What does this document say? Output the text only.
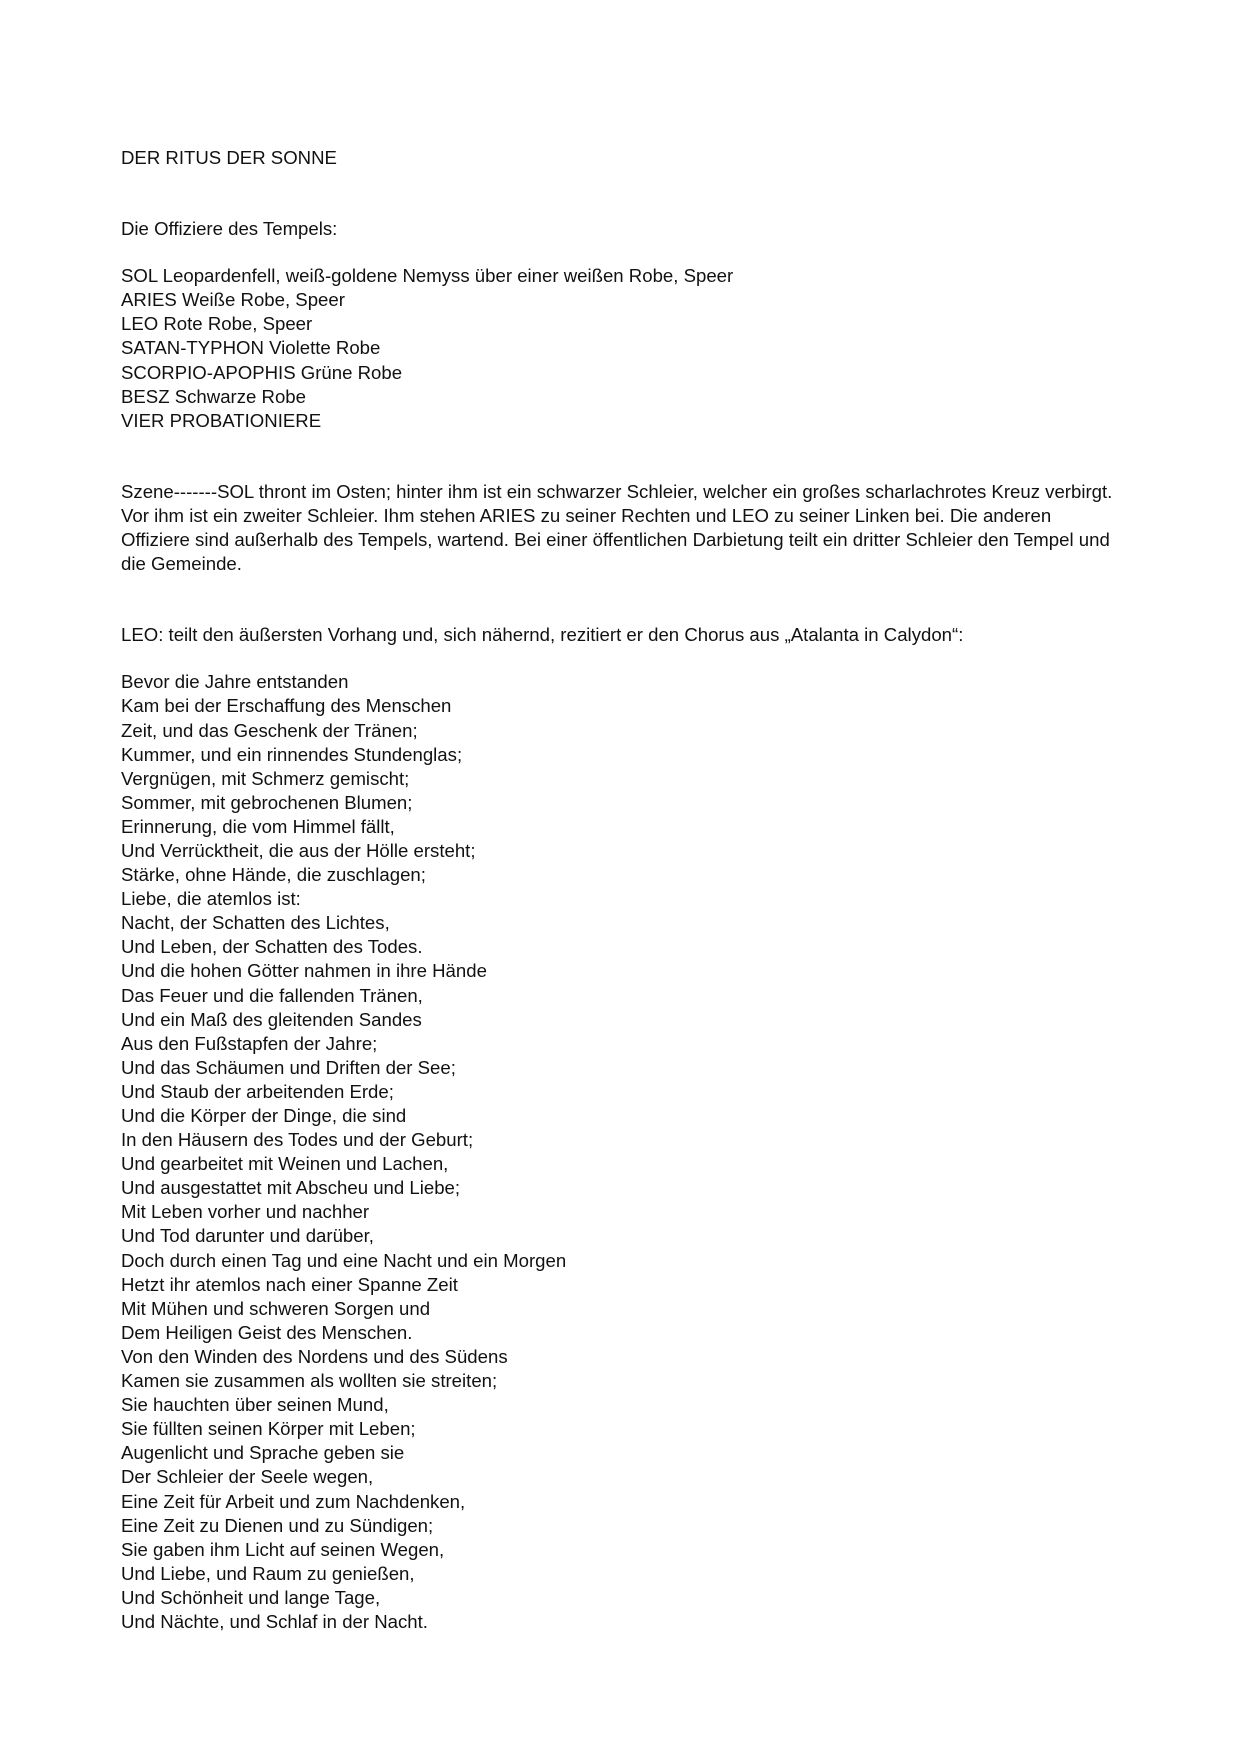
DER RITUS DER SONNE

Die Offiziere des Tempels:

SOL Leopardenfell, weiß-goldene Nemyss über einer weißen Robe, Speer
ARIES Weiße Robe, Speer
LEO Rote Robe, Speer
SATAN-TYPHON Violette Robe
SCORPIO-APOPHIS Grüne Robe
BESZ Schwarze Robe
VIER PROBATIONIERE

Szene-------SOL thront im Osten; hinter ihm ist ein schwarzer Schleier, welcher ein großes scharlachrotes Kreuz verbirgt. Vor ihm ist ein zweiter Schleier. Ihm stehen ARIES zu seiner Rechten und LEO zu seiner Linken bei. Die anderen Offiziere sind außerhalb des Tempels, wartend. Bei einer öffentlichen Darbietung teilt ein dritter Schleier den Tempel und die Gemeinde.

LEO: teilt den äußersten Vorhang und, sich nähernd, rezitiert er den Chorus aus „Atalanta in Calydon“:

Bevor die Jahre entstanden
Kam bei der Erschaffung des Menschen
Zeit, und das Geschenk der Tränen;
Kummer, und ein rinnendes Stundenglas;
Vergnügen, mit Schmerz gemischt;
Sommer, mit gebrochenen Blumen;
Erinnerung, die vom Himmel fällt,
Und Verrücktheit, die aus der Hölle ersteht;
Stärke, ohne Hände, die zuschlagen;
Liebe, die atemlos ist:
Nacht, der Schatten des Lichtes,
Und Leben, der Schatten des Todes.
Und die hohen Götter nahmen in ihre Hände
Das Feuer und die fallenden Tränen,
Und ein Maß des gleitenden Sandes
Aus den Fußstapfen der Jahre;
Und das Schäumen und Driften der See;
Und Staub der arbeitenden Erde;
Und die Körper der Dinge, die sind
In den Häusern des Todes und der Geburt;
Und gearbeitet mit Weinen und Lachen,
Und ausgestattet mit Abscheu und Liebe;
Mit Leben vorher und nachher
Und Tod darunter und darüber,
Doch durch einen Tag und eine Nacht und ein Morgen
Hetzt ihr atemlos nach einer Spanne Zeit
Mit Mühen und schweren Sorgen und
Dem Heiligen Geist des Menschen.
Von den Winden des Nordens und des Südens
Kamen sie zusammen als wollten sie streiten;
Sie hauchten über seinen Mund,
Sie füllten seinen Körper mit Leben;
Augenlicht und Sprache geben sie
Der Schleier der Seele wegen,
Eine Zeit für Arbeit und zum Nachdenken,
Eine Zeit zu Dienen und zu Sündigen;
Sie gaben ihm Licht auf seinen Wegen,
Und Liebe, und Raum zu genießen,
Und Schönheit und lange Tage,
Und Nächte, und Schlaf in der Nacht.
